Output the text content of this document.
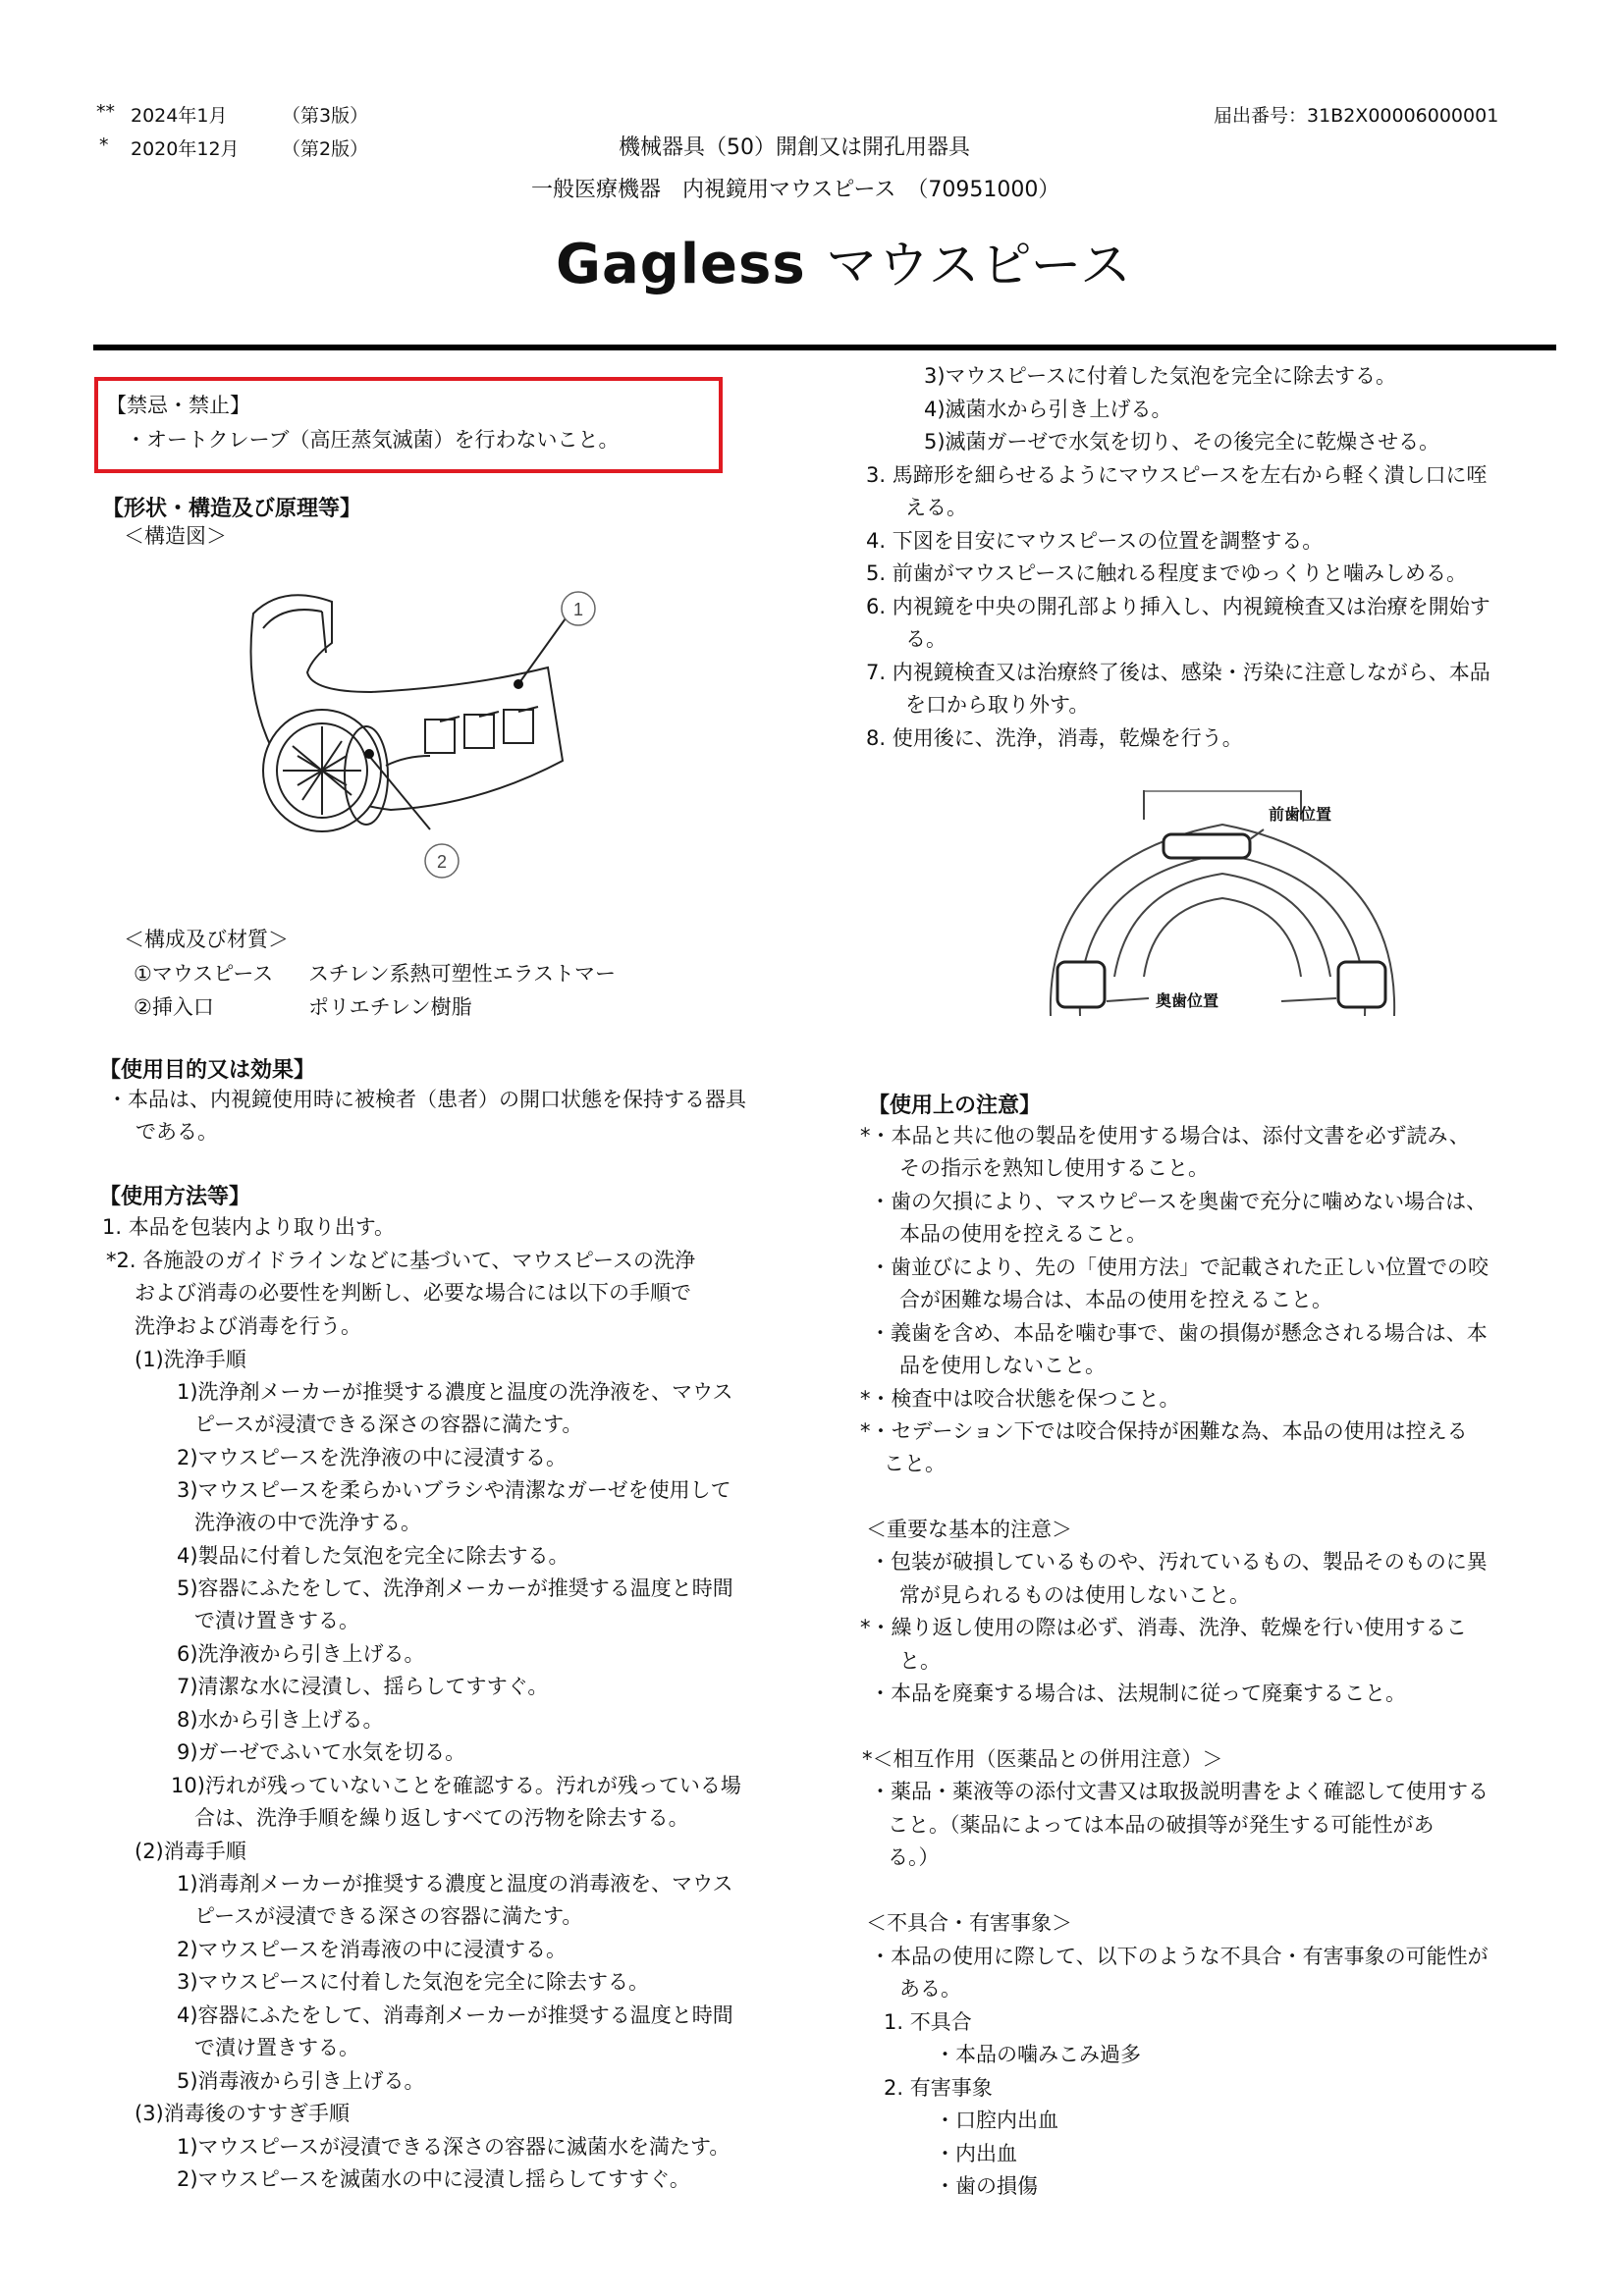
** 2024年1月	（第3版）
* 2020年12月 （第2版）
届出番号：31B2X00006000001
機械器具（50）開創又は開孔用器具
一般医療機器　内視鏡用マウスピース　（70951000）
Gagless マウスピース
【禁忌・禁止】
・オートクレーブ（高圧蒸気滅菌）を行わないこと。
【形状・構造及び原理等】
＜構造図＞
1
2
＜構成及び材質＞
①マウスピース スチレン系熱可塑性エラストマー
②挿入口	ポリエチレン樹脂
【使用目的又は効果】
・本品は、内視鏡使用時に被検者（患者）の開口状態を保持する器具
である。
【使用方法等】
1. 本品を包装内より取り出す。
*2. 各施設のガイドラインなどに基づいて、マウスピースの洗浄
および消毒の必要性を判断し、必要な場合には以下の手順で
洗浄および消毒を行う。
(1)洗浄手順
1)洗浄剤メーカーが推奨する濃度と温度の洗浄液を、マウス
ピースが浸漬できる深さの容器に満たす。
2)マウスピースを洗浄液の中に浸漬する。
3)マウスピースを柔らかいブラシや清潔なガーゼを使用して
洗浄液の中で洗浄する。
4)製品に付着した気泡を完全に除去する。
5)容器にふたをして、洗浄剤メーカーが推奨する温度と時間
で漬け置きする。
6)洗浄液から引き上げる。
7)清潔な水に浸漬し、揺らしてすすぐ。
8)水から引き上げる。
9)ガーゼでふいて水気を切る。
10)汚れが残っていないことを確認する。汚れが残っている場
合は、洗浄手順を繰り返しすべての汚物を除去する。
(2)消毒手順
1)消毒剤メーカーが推奨する濃度と温度の消毒液を、マウス
ピースが浸漬できる深さの容器に満たす。
2)マウスピースを消毒液の中に浸漬する。
3)マウスピースに付着した気泡を完全に除去する。
4)容器にふたをして、消毒剤メーカーが推奨する温度と時間
で漬け置きする。
5)消毒液から引き上げる。
(3)消毒後のすすぎ手順
1)マウスピースが浸漬できる深さの容器に滅菌水を満たす。
2)マウスピースを滅菌水の中に浸漬し揺らしてすすぐ。
3)マウスピースに付着した気泡を完全に除去する。
4)滅菌水から引き上げる。
5)滅菌ガーゼで水気を切り、その後完全に乾燥させる。
3. 馬蹄形を細らせるようにマウスピースを左右から軽く潰し口に咥
える。
4. 下図を目安にマウスピースの位置を調整する。
5. 前歯がマウスピースに触れる程度までゆっくりと噛みしめる。
6. 内視鏡を中央の開孔部より挿入し、内視鏡検査又は治療を開始す
る。
7. 内視鏡検査又は治療終了後は、感染・汚染に注意しながら、本品
を口から取り外す。
8. 使用後に、洗浄，消毒，乾燥を行う。
前歯位置
奥歯位置
【使用上の注意】
*・本品と共に他の製品を使用する場合は、添付文書を必ず読み、
その指示を熟知し使用すること。
・歯の欠損により、マスウピースを奥歯で充分に噛めない場合は、
本品の使用を控えること。
・歯並びにより、先の「使用方法」で記載された正しい位置での咬
合が困難な場合は、本品の使用を控えること。
・義歯を含め、本品を噛む事で、歯の損傷が懸念される場合は、本
品を使用しないこと。
*・検査中は咬合状態を保つこと。
*・セデーション下では咬合保持が困難な為、本品の使用は控える
こと。
＜重要な基本的注意＞
・包装が破損しているものや、汚れているもの、製品そのものに異
常が見られるものは使用しないこと。
*・繰り返し使用の際は必ず、消毒、洗浄、乾燥を行い使用するこ
と。
・本品を廃棄する場合は、法規制に従って廃棄すること。
*＜相互作用（医薬品との併用注意）＞
・薬品・薬液等の添付文書又は取扱説明書をよく確認して使用する
こと。（薬品によっては本品の破損等が発生する可能性があ
る。）
＜不具合・有害事象＞
・本品の使用に際して、以下のような不具合・有害事象の可能性が
ある。
1. 不具合
・本品の噛みこみ過多
2. 有害事象
・口腔内出血
・内出血
・歯の損傷
